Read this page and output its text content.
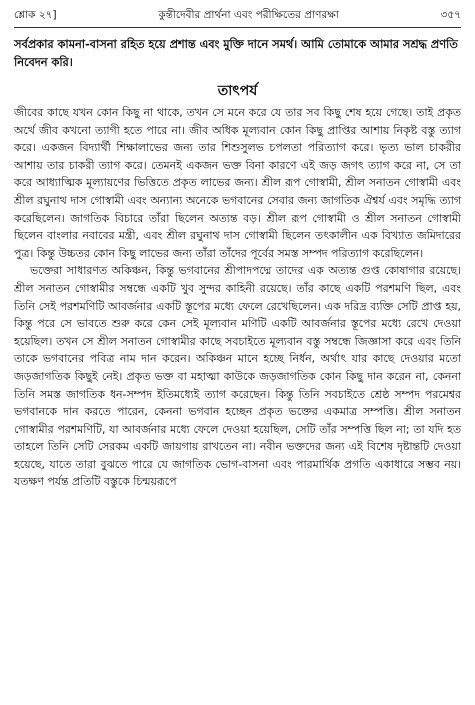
শ্লোক ২৭]	কুন্তীদেবীর প্রার্থনা এবং পরীক্ষিতের প্রাণরক্ষা	৩৫৭
সর্বপ্রকার কামনা-বাসনা রহিত হয়ে প্রশান্ত এবং মুক্তি দানে সমর্থ। আমি তোমাকে আমার সশ্রদ্ধ প্রণতি নিবেদন করি।
তাৎপর্য

জীবের কাছে যখন কোন কিছু না থাকে, তখন সে মনে করে যে তার সব কিছু শেষ হয়ে গেছে। তাই প্রকৃত অর্থে জীব কখনো ত্যাগী হতে পারে না। জীব অধিক মূল্যবান কোন কিছু প্রাপ্তির আশায় নিকৃষ্ট বস্তু ত্যাগ করে। একজন বিদ্যার্থী শিক্ষালাভের জন্য তার শিশুসুলভ চপলতা পরিত্যাগ করে। ভৃত্য ভাল চাকরীর আশায় তার চাকরী ত্যাগ করে। তেমনই একজন ভক্ত বিনা কারণে এই জড় জগৎ ত্যাগ করে না, সে তা করে আধ্যাত্মিক মূল্যায়ণের ভিত্তিতে প্রকৃত লাভের জন্য। শ্রীল রূপ গোস্বামী, শ্রীল সনাতন গোস্বামী এবং শ্রীল রঘুনাথ দাস গোস্বামী এবং অন্যান্য অনেকে ভগবানের সেবার জন্য জাগতিক ঐশ্বর্য এবং সমৃদ্ধি ত্যাগ করেছিলেন। জাগতিক বিচারে তাঁরা ছিলেন অত্যন্ত বড়। শ্রীল রূপ গোস্বামী ও শ্রীল সনাতন গোস্বামী ছিলেন বাংলার নবাবের মন্ত্রী, এবং শ্রীল রঘুনাথ দাস গোস্বামী ছিলেন তৎকালীন এক বিখ্যাত জমিদারের পুত্র। কিন্তু উচ্চতর কোন কিছু লাভের জন্য তাঁরা তাঁদের পূর্বের সমস্ত সম্পদ পরিত্যাগ করেছিলেন।

ভক্তেরা সাধারণত অকিঞ্চন, কিন্তু ভগবানের শ্রীপাদপদ্মে তাদের এক অত্যন্ত গুপ্ত কোষাগার রয়েছে। শ্রীল সনাতন গোস্বামীর সম্বন্ধে একটি খুব সুন্দর কাহিনী রয়েছে। তাঁর কাছে একটি পরশমণি ছিল, এবং তিনি সেই পরশমণিটি আবর্জনার একটি স্তূপের মধ্যে ফেলে রেখেছিলেন। এক দরিদ্র ব্যক্তি সেটি প্রাপ্ত হয়, কিন্তু পরে সে ভাবতে শুরু করে কেন সেই মূল্যবান মণিটি একটি আবর্জনার স্তূপের মধ্যে রেখে দেওয়া হয়েছিল। তখন সে শ্রীল সনাতন গোস্বামীর কাছে সবচাইতে মূল্যবান বস্তু সম্বন্ধে জিজ্ঞাসা করে এবং তিনি তাকে ভগবানের পবিত্র নাম দান করেন। অকিঞ্চন মানে হচ্ছে নির্ধন, অর্থাৎ যার কাছে দেওয়ার মতো জড়জাগতিক কিছুই নেই। প্রকৃত ভক্ত বা মহাত্মা কাউকে জড়জাগতিক কোন কিছু দান করেন না, কেননা তিনি সমস্ত জাগতিক ধন-সম্পদ ইতিমধ্যেই ত্যাগ করেছেন। কিন্তু তিনি সবচাইতে শ্রেষ্ঠ সম্পদ পরমেশ্বর ভগবানকে দান করতে পারেন, কেননা ভগবান হচ্ছেন প্রকৃত ভক্তের একমাত্র সম্পত্তি। শ্রীল সনাতন গোস্বামীর পরশমণিটি, যা আবর্জনার মধ্যে ফেলে দেওয়া হয়েছিল, সেটি তাঁর সম্পত্তি ছিল না; তা যদি হত তাহলে তিনি সেটি সেরকম একটি জায়গায় রাখতেন না। নবীন ভক্তদের জন্য এই বিশেষ দৃষ্টান্তটি দেওয়া হয়েছে, যাতে তারা বুঝতে পারে যে জাগতিক ভোগ-বাসনা এবং পারমার্থিক প্রগতি একাধারে সম্ভব নয়। যতক্ষণ পর্যন্ত প্রতিটি বস্তুকে চিন্ময়রূপে
